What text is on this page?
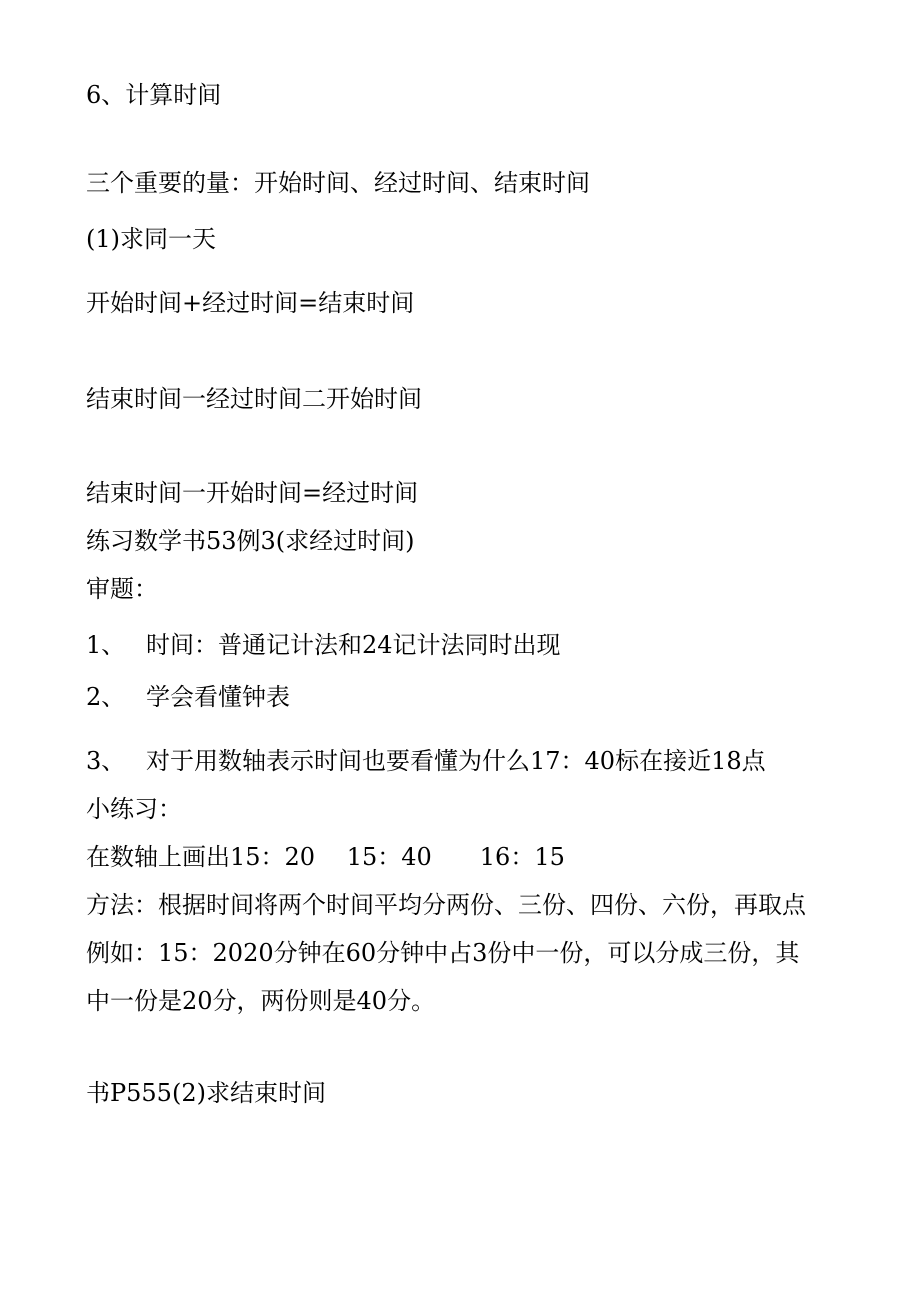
6、计算时间
三个重要的量：开始时间、经过时间、结束时间
(1)求同一天
开始时间+经过时间=结束时间
结束时间一经过时间二开始时间
结束时间一开始时间=经过时间
练习数学书53例3(求经过时间)
审题：
1、 时间：普通记计法和24记计法同时出现
2、 学会看懂钟表
3、 对于用数轴表示时间也要看懂为什么17：40标在接近18点
小练习：
在数轴上画出15：20　 15：40　　16：15
方法：根据时间将两个时间平均分两份、三份、四份、六份，再取点
例如：15：2020分钟在60分钟中占3份中一份，可以分成三份，其
中一份是20分，两份则是40分。
书P555(2)求结束时间
